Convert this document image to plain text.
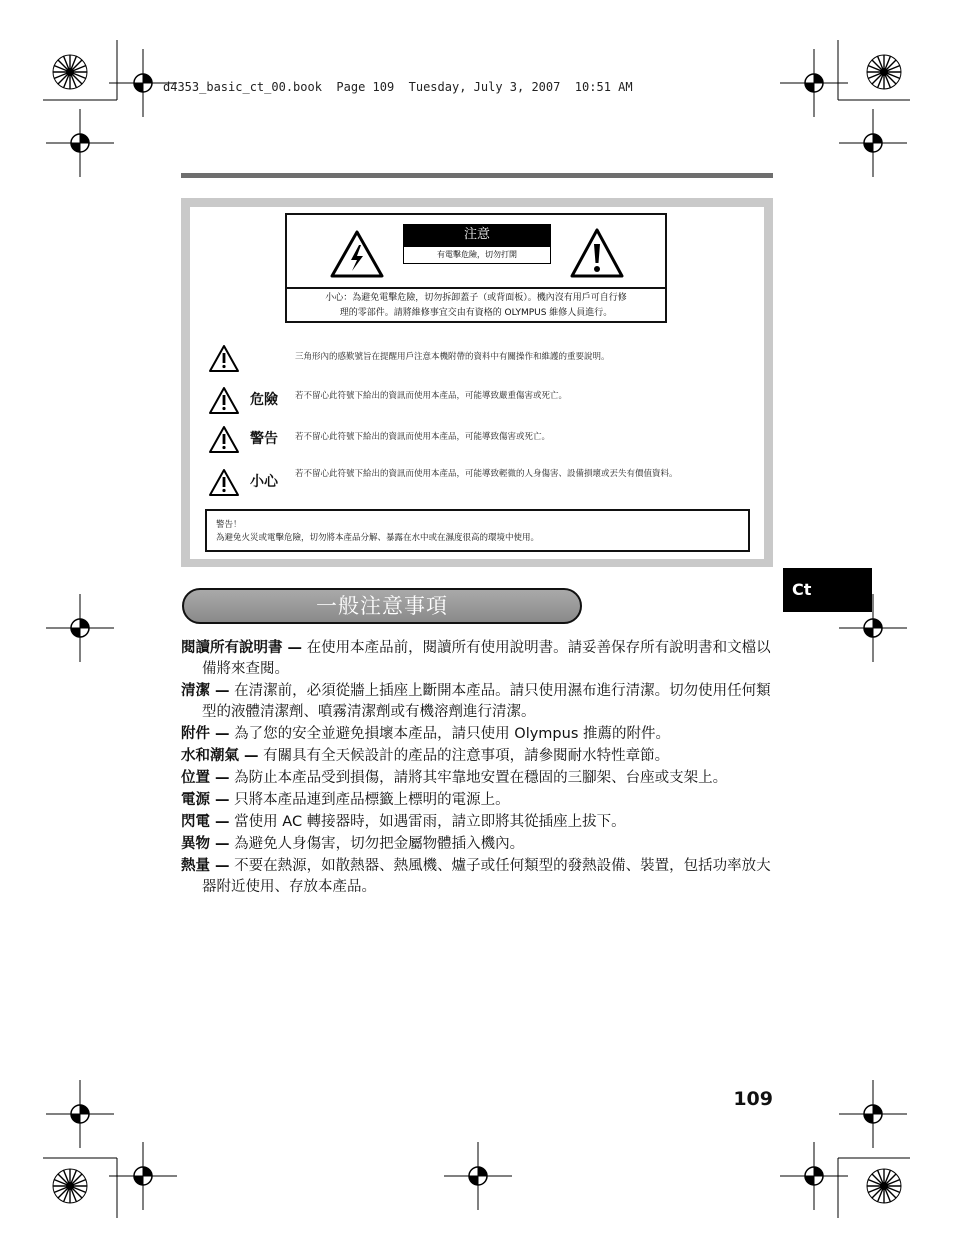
d4353_basic_ct_00.book  Page 109  Tuesday, July 3, 2007  10:51 AM
注意
有電擊危險，切勿打開
小心：為避免電擊危險，切勿拆卸蓋子（或背面板）。機內沒有用戶可自行修
理的零部件。請將維修事宜交由有資格的 OLYMPUS 維修人員進行。
三角形內的感歎號旨在提醒用戶注意本機附帶的資料中有關操作和維護的重要說明。
危險 若不留心此符號下給出的資訊而使用本產品，可能導致嚴重傷害或死亡。
警告 若不留心此符號下給出的資訊而使用本產品，可能導致傷害或死亡。
小心 若不留心此符號下給出的資訊而使用本產品，可能導致輕微的人身傷害、設備損壞或丟失有價值資料。
警告！
為避免火災或電擊危險，切勿將本產品分解、暴露在水中或在濕度很高的環境中使用。
一般注意事項
Ct

閱讀所有說明書 — 在使用本產品前，閱讀所有使用說明書。請妥善保存所有說明書和文檔以備將來查閱。

清潔 — 在清潔前，必須從牆上插座上斷開本產品。請只使用濕布進行清潔。切勿使用任何類型的液體清潔劑、噴霧清潔劑或有機溶劑進行清潔。

附件 — 為了您的安全並避免損壞本產品，請只使用 Olympus 推薦的附件。

水和潮氣 — 有關具有全天候設計的產品的注意事項，請參閱耐水特性章節。

位置 — 為防止本產品受到損傷，請將其牢靠地安置在穩固的三腳架、台座或支架上。

電源 — 只將本產品連到產品標籤上標明的電源上。

閃電 — 當使用 AC 轉接器時，如遇雷雨，請立即將其從插座上拔下。

異物 — 為避免人身傷害，切勿把金屬物體插入機內。

熱量 — 不要在熱源，如散熱器、熱風機、爐子或任何類型的發熱設備、裝置，包括功率放大器附近使用、存放本產品。

109
